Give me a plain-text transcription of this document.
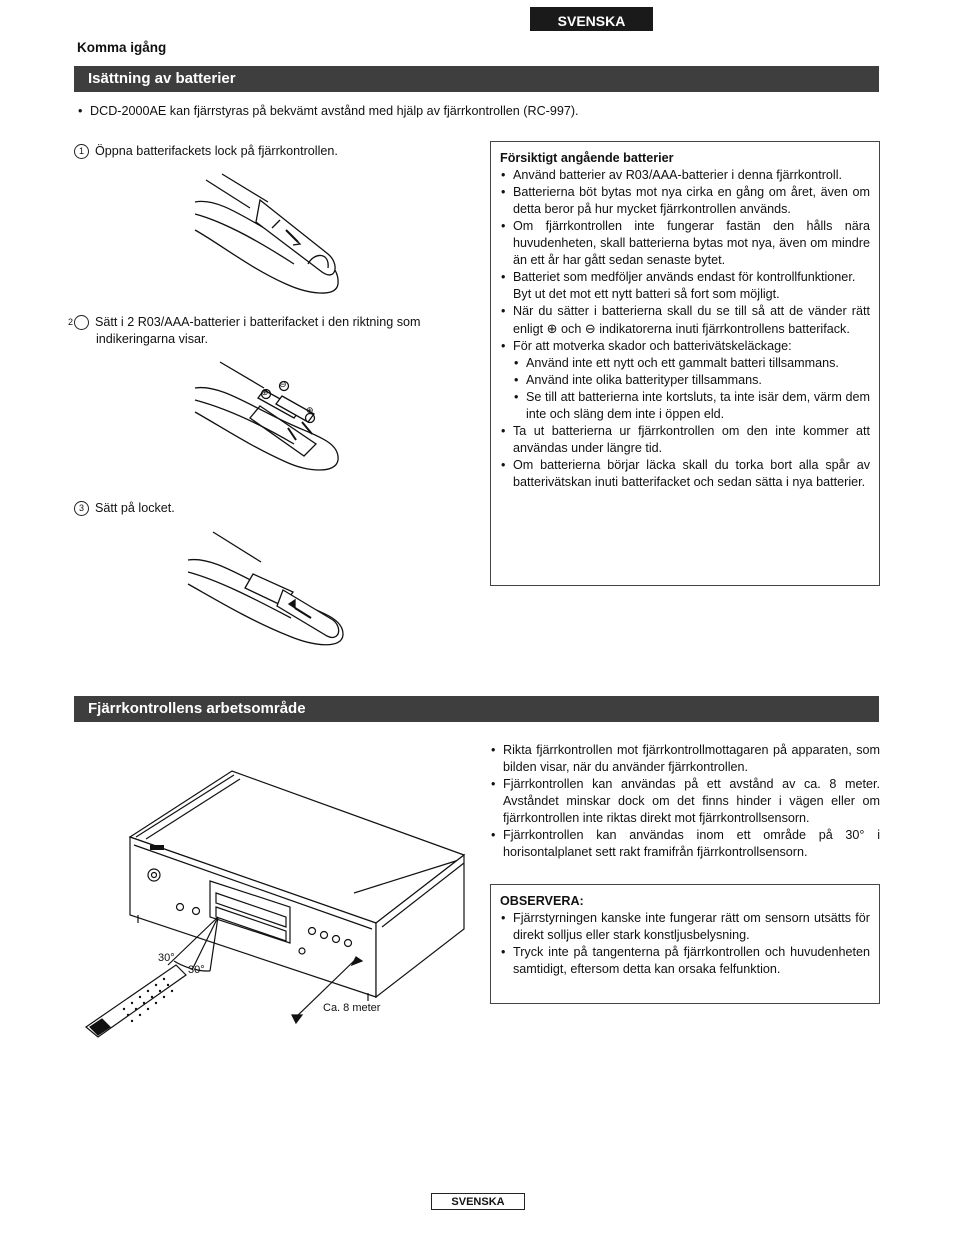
SVENSKA
Komma igång
Isättning av batterier
• DCD-2000AE kan fjärrstyras på bekvämt avstånd med hjälp av fjärrkontrollen (RC-997).
1 Öppna batterifackets lock på fjärrkontrollen.
2 Sätt i 2 R03/AAA-batterier i batterifacket i den riktning som indikeringarna visar.
⊕
⊖
⊕
3 Sätt på locket.
Försiktigt angående batterier
• Använd batterier av R03/AAA-batterier i denna fjärrkontroll.
• Batterierna böt bytas mot nya cirka en gång om året, även om detta beror på hur mycket fjärrkontrollen används.
• Om fjärrkontrollen inte fungerar fastän den hålls nära huvudenheten, skall batterierna bytas mot nya, även om mindre än ett år har gått sedan senaste bytet.
• Batteriet som medföljer används endast för kontrollfunktioner.
Byt ut det mot ett nytt batteri så fort som möjligt.
• När du sätter i batterierna skall du se till så att de vänder rätt enligt ⊕ och ⊖ indikatorerna inuti fjärrkontrollens batterifack.
• För att motverka skador och batterivätskeläckage:
• Använd inte ett nytt och ett gammalt batteri tillsammans.
• Använd inte olika batterityper tillsammans.
• Se till att batterierna inte kortsluts, ta inte isär dem, värm dem inte och släng dem inte i öppen eld.
• Ta ut batterierna ur fjärrkontrollen om den inte kommer att användas under längre tid.
• Om batterierna börjar läcka skall du torka bort alla spår av batterivätskan inuti batterifacket och sedan sätta i nya batterier.
Fjärrkontrollens arbetsområde
• Rikta fjärrkontrollen mot fjärrkontrollmottagaren på apparaten, som bilden visar, när du använder fjärrkontrollen.
• Fjärrkontrollen kan användas på ett avstånd av ca. 8 meter. Avståndet minskar dock om det finns hinder i vägen eller om fjärrkontrollen inte riktas direkt mot fjärrkontrollsensorn.
• Fjärrkontrollen kan användas inom ett område på 30° i horisontalplanet sett rakt framifrån fjärrkontrollsensorn.
OBSERVERA:
• Fjärrstyrningen kanske inte fungerar rätt om sensorn utsätts för direkt solljus eller stark konstljusbelysning.
• Tryck inte på tangenterna på fjärrkontrollen och huvudenheten samtidigt, eftersom detta kan orsaka felfunktion.
30°
30°
Ca. 8 meter
SVENSKA
